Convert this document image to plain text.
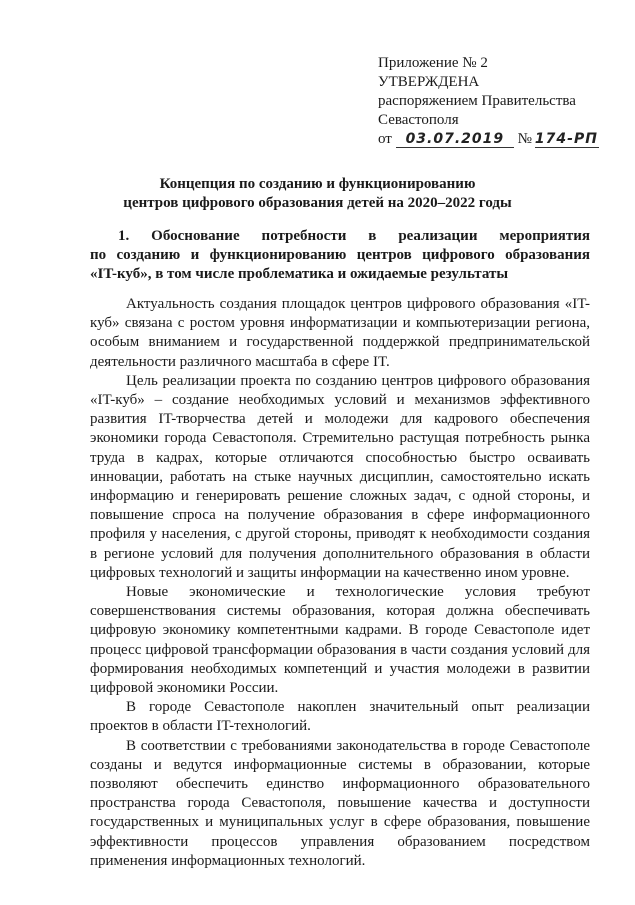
Приложение № 2
УТВЕРЖДЕНА
распоряжением Правительства
Севастополя
от 03.07.2019 № 174-РП
Концепция по созданию и функционированию
центров цифрового образования детей на 2020–2022 годы
1. Обоснование потребности в реализации мероприятия
по созданию и функционированию центров цифрового образования
«IT-куб», в том числе проблематика и ожидаемые результаты

Актуальность создания площадок центров цифрового образования «IT-куб» связана с ростом уровня информатизации и компьютеризации региона, особым вниманием и государственной поддержкой предпринимательской деятельности различного масштаба в сфере IT.

Цель реализации проекта по созданию центров цифрового образования «IT-куб» – создание необходимых условий и механизмов эффективного развития IT-творчества детей и молодежи для кадрового обеспечения экономики города Севастополя. Стремительно растущая потребность рынка труда в кадрах, которые отличаются способностью быстро осваивать инновации, работать на стыке научных дисциплин, самостоятельно искать информацию и генерировать решение сложных задач, с одной стороны, и повышение спроса на получение образования в сфере информационного профиля у населения, с другой стороны, приводят к необходимости создания в регионе условий для получения дополнительного образования в области цифровых технологий и защиты информации на качественно ином уровне.

Новые экономические и технологические условия требуют совершенствования системы образования, которая должна обеспечивать цифровую экономику компетентными кадрами. В городе Севастополе идет процесс цифровой трансформации образования в части создания условий для формирования необходимых компетенций и участия молодежи в развитии цифровой экономики России.

В городе Севастополе накоплен значительный опыт реализации проектов в области IT-технологий.

В соответствии с требованиями законодательства в городе Севастополе созданы и ведутся информационные системы в образовании, которые позволяют обеспечить единство информационного образовательного пространства города Севастополя, повышение качества и доступности государственных и муниципальных услуг в сфере образования, повышение эффективности процессов управления образованием посредством применения информационных технологий.
